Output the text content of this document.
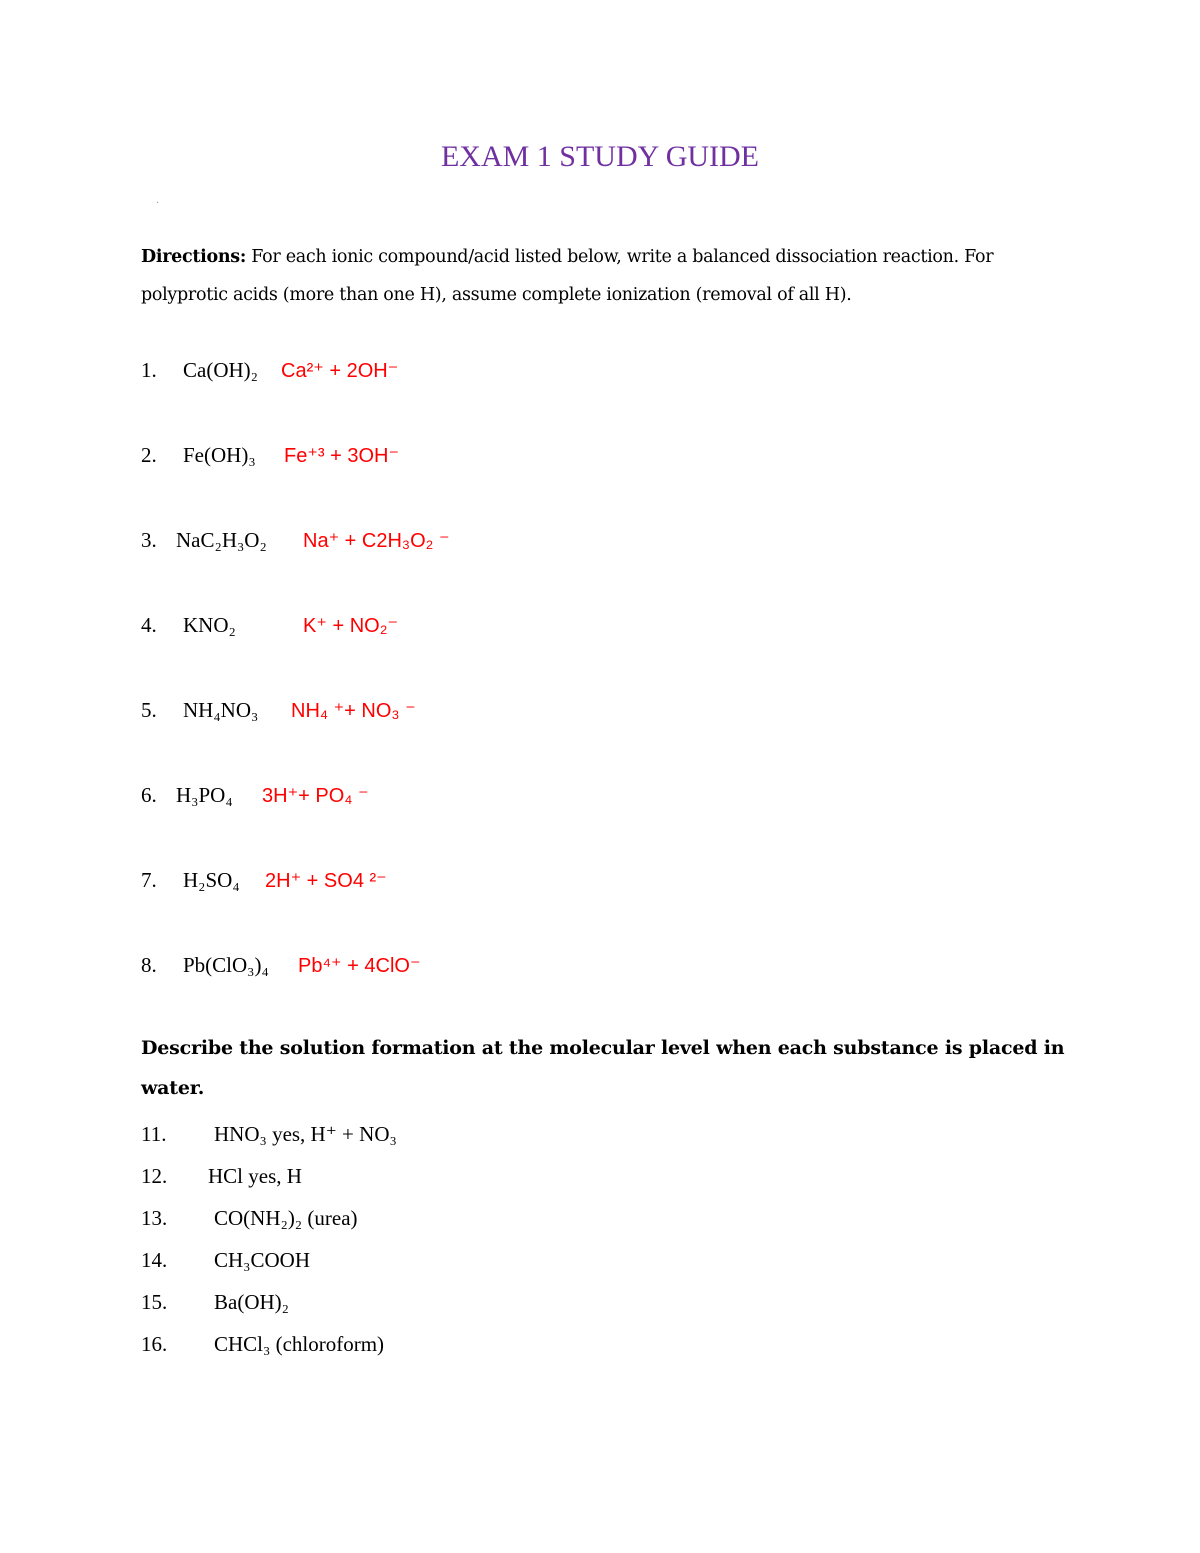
EXAM 1 STUDY GUIDE
·
Directions: For each ionic compound/acid listed below, write a balanced dissociation reaction. For polyprotic acids (more than one H), assume complete ionization (removal of all H).
1. Ca(OH)₂ Ca²⁺ + 2OH⁻
2. Fe(OH)₃ Fe⁺³ + 3OH⁻
3. NaC₂H₃O₂ Na⁺ + C2H₃O₂ ⁻
4. KNO₂	K⁺ + NO₂⁻
5. NH₄NO₃ NH₄ ⁺+ NO₃ ⁻
6. H₃PO₄ 3H⁺+ PO₄ ⁻
7. H₂SO₄ 2H⁺ + SO4 ²⁻
8. Pb(ClO₃)₄ Pb⁴⁺ + 4ClO⁻
Describe the solution formation at the molecular level when each substance is placed in water.
11. HNO₃ yes, H⁺ + NO₃
12. HCl yes, H
13. CO(NH₂)₂ (urea)
14. CH₃COOH
15. Ba(OH)₂
16. CHCl₃ (chloroform)
